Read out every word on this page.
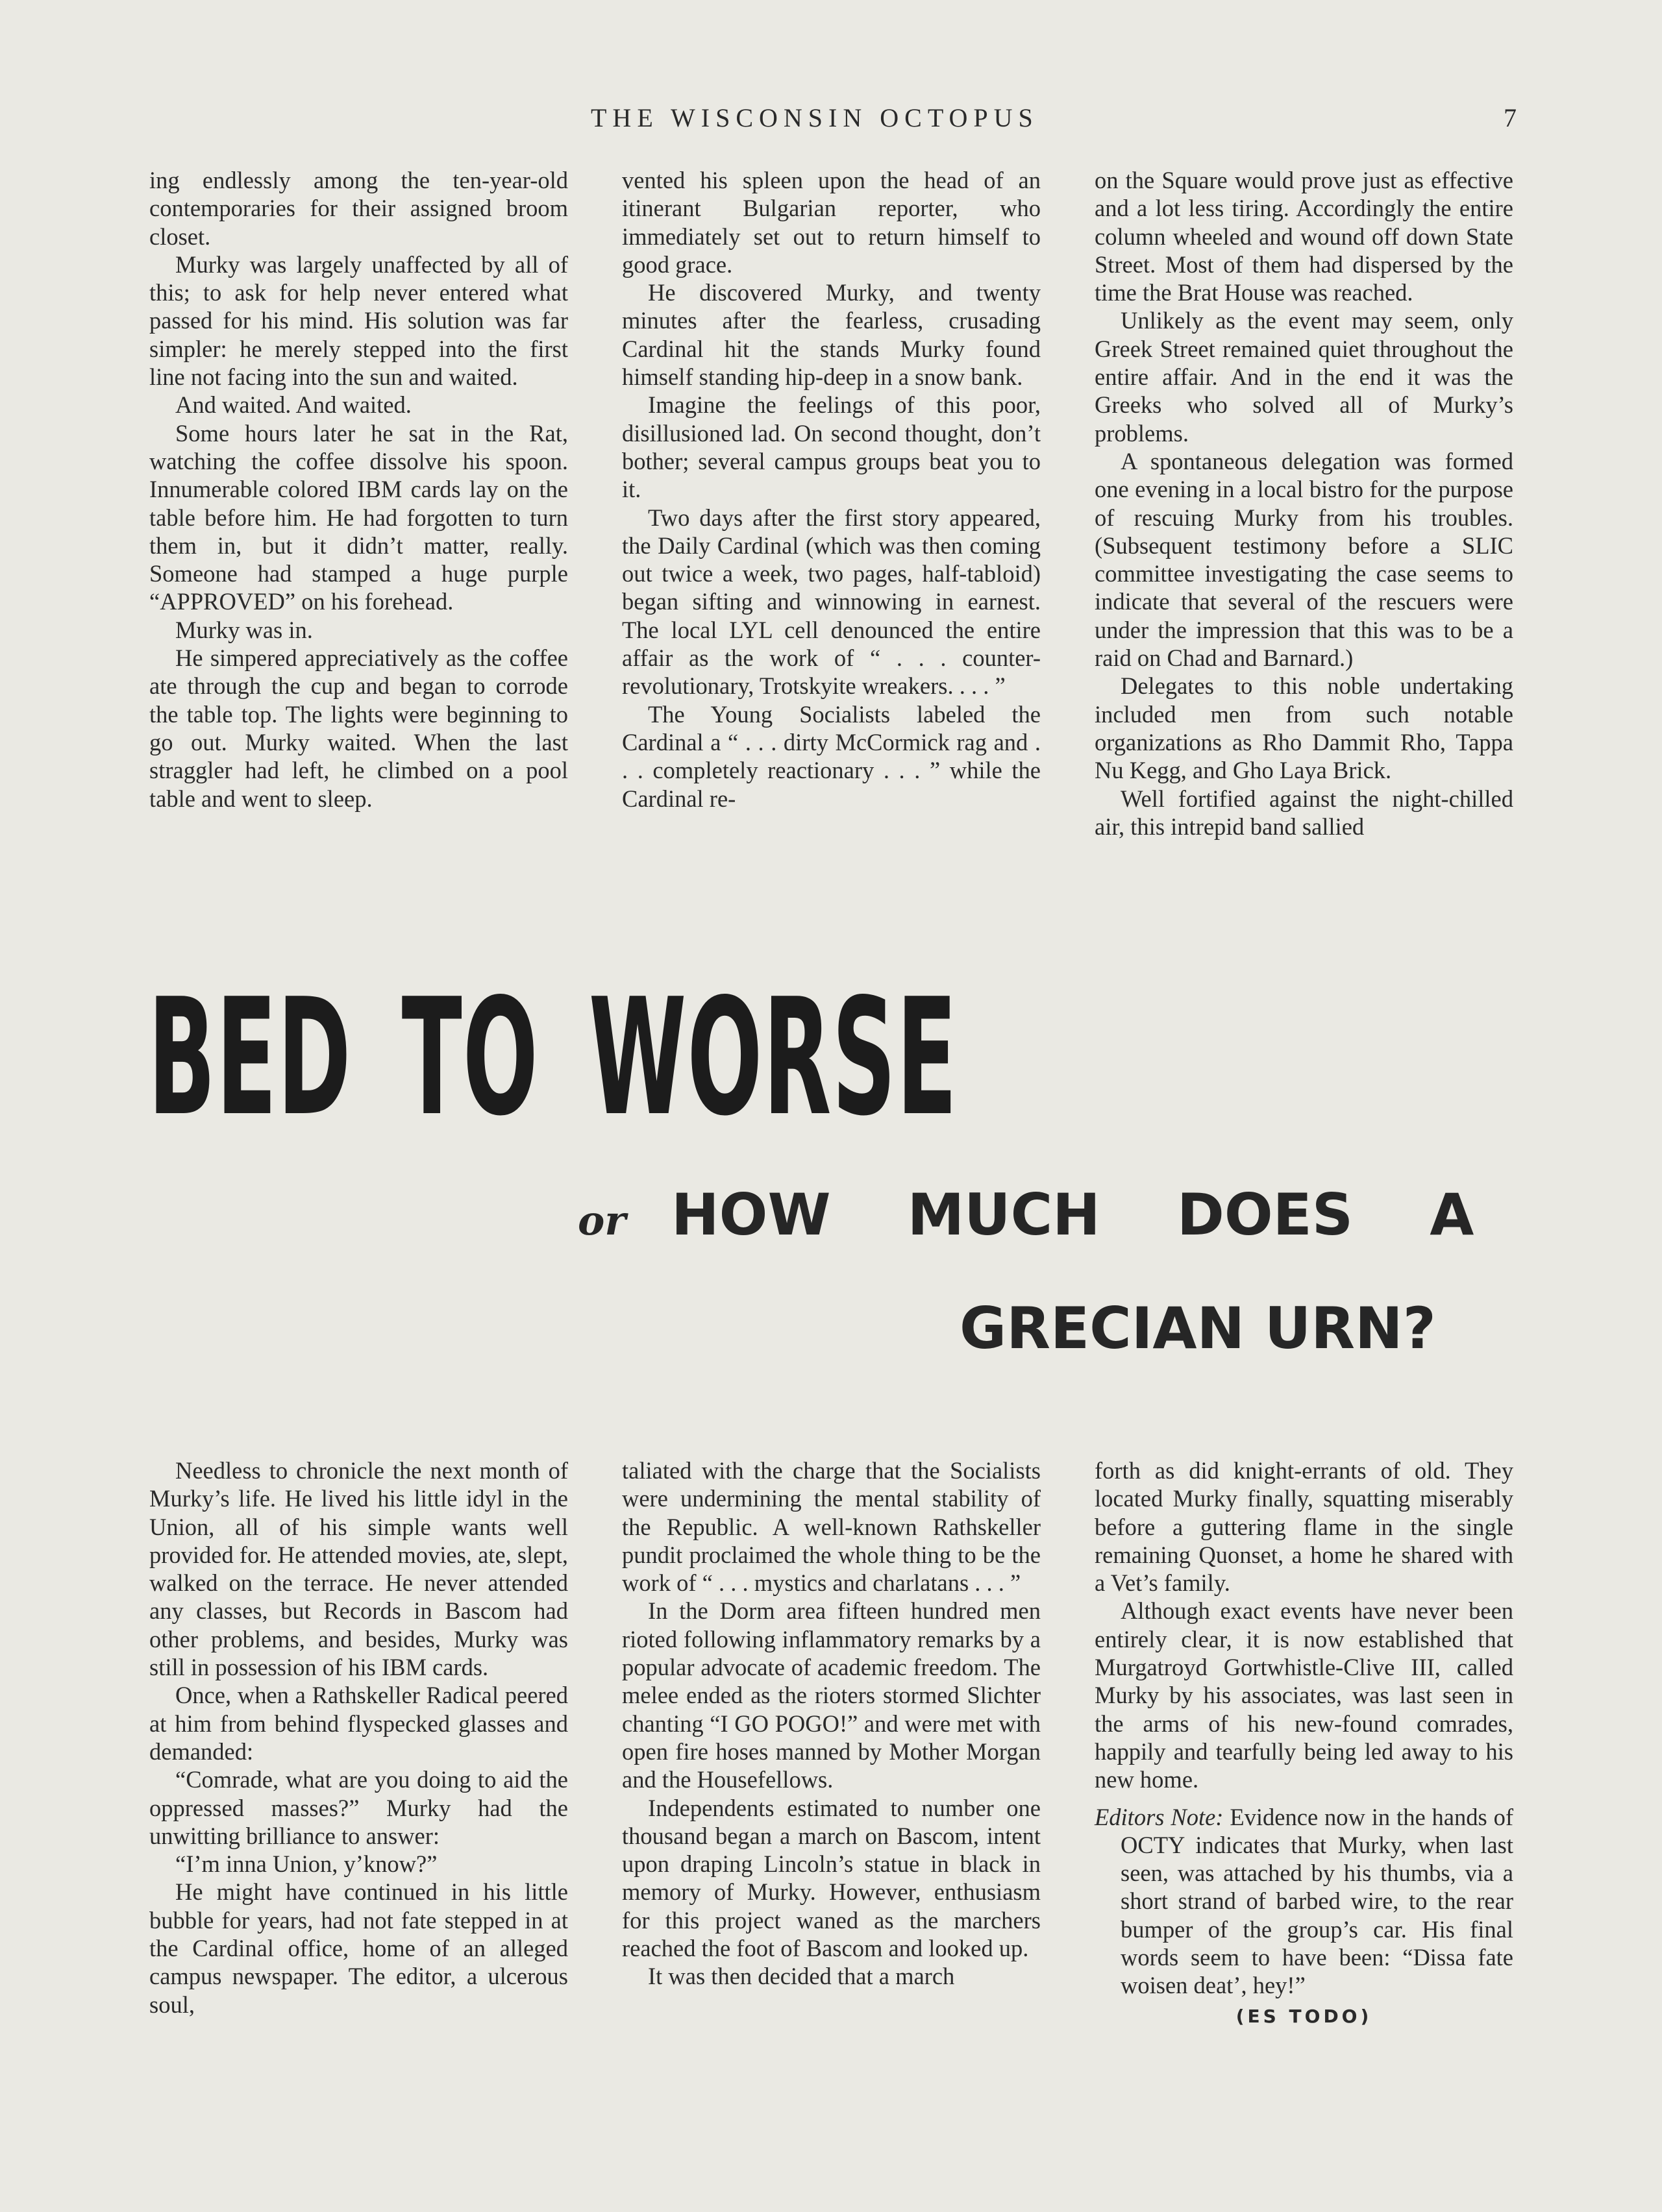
THE WISCONSIN OCTOPUS	7

ing endlessly among the ten-year-old contemporaries for their assigned broom closet.

Murky was largely unaffected by all of this; to ask for help never entered what passed for his mind. His solution was far simpler: he merely stepped into the first line not facing into the sun and waited.

And waited. And waited.

Some hours later he sat in the Rat, watching the coffee dissolve his spoon. Innumerable colored IBM cards lay on the table before him. He had forgotten to turn them in, but it didn’t matter, really. Someone had stamped a huge purple “APPROVED” on his forehead.

Murky was in.

He simpered appreciatively as the coffee ate through the cup and began to corrode the table top. The lights were beginning to go out. Murky waited. When the last straggler had left, he climbed on a pool table and went to sleep.

vented his spleen upon the head of an itinerant Bulgarian reporter, who immediately set out to return himself to good grace.

He discovered Murky, and twenty minutes after the fearless, crusading Cardinal hit the stands Murky found himself standing hip-deep in a snow bank.

Imagine the feelings of this poor, disillusioned lad. On second thought, don’t bother; several campus groups beat you to it.

Two days after the first story appeared, the Daily Cardinal (which was then coming out twice a week, two pages, half-tabloid) began sifting and winnowing in earnest. The local LYL cell denounced the entire affair as the work of “ . . . counter-revolutionary, Trotskyite wreakers. . . . ”

The Young Socialists labeled the Cardinal a “ . . . dirty McCormick rag and . . . completely reactionary . . . ” while the Cardinal re-

on the Square would prove just as effective and a lot less tiring. Accordingly the entire column wheeled and wound off down State Street. Most of them had dispersed by the time the Brat House was reached.

Unlikely as the event may seem, only Greek Street remained quiet throughout the entire affair. And in the end it was the Greeks who solved all of Murky’s problems.

A spontaneous delegation was formed one evening in a local bistro for the purpose of rescuing Murky from his troubles. (Subsequent testimony before a SLIC committee investigating the case seems to indicate that several of the rescuers were under the impression that this was to be a raid on Chad and Barnard.)

Delegates to this noble undertaking included men from such notable organizations as Rho Dammit Rho, Tappa Nu Kegg, and Gho Laya Brick.

Well fortified against the night-chilled air, this intrepid band sallied

BED TO WORSE
or HOW MUCH DOES A
GRECIAN URN?

Needless to chronicle the next month of Murky’s life. He lived his little idyl in the Union, all of his simple wants well provided for. He attended movies, ate, slept, walked on the terrace. He never attended any classes, but Records in Bascom had other problems, and besides, Murky was still in possession of his IBM cards.

Once, when a Rathskeller Radical peered at him from behind flyspecked glasses and demanded:

“Comrade, what are you doing to aid the oppressed masses?” Murky had the unwitting brilliance to answer:

“I’m inna Union, y’know?”

He might have continued in his little bubble for years, had not fate stepped in at the Cardinal office, home of an alleged campus newspaper. The editor, a ulcerous soul,

taliated with the charge that the Socialists were undermining the mental stability of the Republic. A well-known Rathskeller pundit proclaimed the whole thing to be the work of “ . . . mystics and charlatans . . . ”

In the Dorm area fifteen hundred men rioted following inflammatory remarks by a popular advocate of academic freedom. The melee ended as the rioters stormed Slichter chanting “I GO POGO!” and were met with open fire hoses manned by Mother Morgan and the Housefellows.

Independents estimated to number one thousand began a march on Bascom, intent upon draping Lincoln’s statue in black in memory of Murky. However, enthusiasm for this project waned as the marchers reached the foot of Bascom and looked up.

It was then decided that a march

forth as did knight-errants of old. They located Murky finally, squatting miserably before a guttering flame in the single remaining Quonset, a home he shared with a Vet’s family.

Although exact events have never been entirely clear, it is now established that Murgatroyd Gortwhistle-Clive III, called Murky by his associates, was last seen in the arms of his new-found comrades, happily and tearfully being led away to his new home.

Editors Note: Evidence now in the hands of OCTY indicates that Murky, when last seen, was attached by his thumbs, via a short strand of barbed wire, to the rear bumper of the group’s car. His final words seem to have been: “Dissa fate woisen deat’, hey!”

(ES TODO)
